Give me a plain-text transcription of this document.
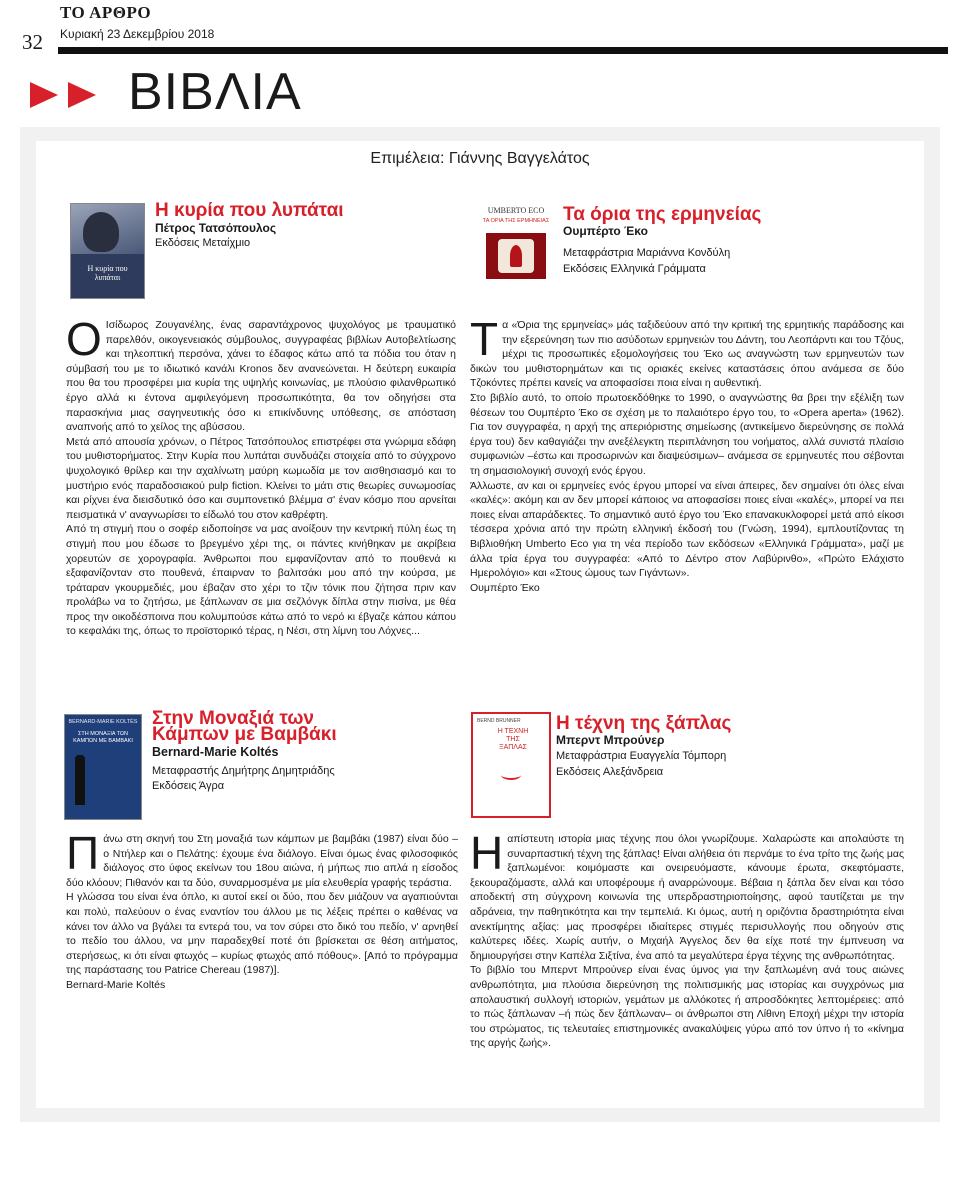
ΤΟ ΑΡΘΡΟ
32 Κυριακή 23 Δεκεμβρίου 2018
ΒΙΒΛΙΑ
Επιμέλεια: Γιάννης Βαγγελάτος
Η κυρία που λυπάται
Η κυρία που λυπάται
Πέτρος Τατσόπουλος
Εκδόσεις Μεταίχμιο
Ο Ισίδωρος Ζουγανέλης, ένας σαραντάχρονος ψυχολόγος με τραυματικό παρελθόν, οικογενειακός σύμβουλος, συγγραφέας βιβλίων Αυτοβελτίωσης και τηλεοπτική περσόνα, χάνει το έδαφος κάτω από τα πόδια του όταν η σύμβασή του με το ιδιωτικό κανάλι Kronos δεν ανανεώνεται. Η δεύτερη ευκαιρία που θα του προσφέρει μια κυρία της υψηλής κοινωνίας, με πλούσιο φιλανθρωπικό έργο αλλά κι έντονα αμφιλεγόμενη προσωπικότητα, θα τον οδηγήσει στα παρασκήνια μιας σαγηνευτικής όσο κι επικίνδυνης υπόθεσης, σε απόσταση αναπνοής από το χείλος της αβύσσου.

Μετά από απουσία χρόνων, ο Πέτρος Τατσόπουλος επιστρέφει στα γνώριμα εδάφη του μυθιστορήματος. Στην Κυρία που λυπάται συνδυάζει στοιχεία από το σύγχρονο ψυχολογικό θρίλερ και την αχαλίνωτη μαύρη κωμωδία με τον αισθησιασμό και το μυστήριο ενός παραδοσιακού pulp fiction. Κλείνει το μάτι στις θεωρίες συνωμοσίας και ρίχνει ένα διεισδυτικό όσο και συμπονετικό βλέμμα σ' έναν κόσμο που αρνείται πεισματικά ν' αναγνωρίσει το είδωλό του στον καθρέφτη.

Από τη στιγμή που ο σοφέρ ειδοποίησε να μας ανοίξουν την κεντρική πύλη έως τη στιγμή που μου έδωσε το βρεγμένο χέρι της, οι πάντες κινήθηκαν με ακρίβεια χορευτών σε χορογραφία. Άνθρωποι που εμφανίζονταν από το πουθενά κι εξαφανίζονταν στο πουθενά, έπαιρναν το βαλιτσάκι μου από την κούρσα, με τράταραν γκουρμεδιές, μου έβαζαν στο χέρι το τζιν τόνικ που ζήτησα πριν καν προλάβω να το ζητήσω, με ξάπλωναν σε μια σεζλόνγκ δίπλα στην πισίνα, με θέα προς την οικοδέσποινα που κολυμπούσε κάτω από το νερό κι έβγαζε κάπου κάπου το κεφαλάκι της, όπως το προϊστορικό τέρας, η Νέσι, στη λίμνη του Λόχνες...

UMBERTO ECO
ΤΑ ΟΡΙΑ ΤΗΣ ΕΡΜΗΝΕΙΑΣ Τα όρια της ερμηνείας
Ουμπέρτο Έκο
Μεταφράστρια Μαριάννα Κονδύλη
Εκδόσεις Ελληνικά Γράμματα
Τ α «Όρια της ερμηνείας» μάς ταξιδεύουν από την κριτική της ερμητικής παράδοσης και την εξερεύνηση των πιο ασύδοτων ερμηνειών του Δάντη, του Λεοπάρντι και του Τζόυς, μέχρι τις προσωπικές εξομολογήσεις του Έκο ως αναγνώστη των ερμηνευτών των δικών του μυθιστορημάτων και τις οριακές εκείνες καταστάσεις όπου ανάμεσα σε δύο Τζοκόντες πρέπει κανείς να αποφασίσει ποια είναι η αυθεντική.

Στο βιβλίο αυτό, το οποίο πρωτοεκδόθηκε το 1990, ο αναγνώστης θα βρει την εξέλιξη των θέσεων του Ουμπέρτο Έκο σε σχέση με το παλαιότερο έργο του, το «Opera aperta» (1962). Για τον συγγραφέα, η αρχή της απεριόριστης σημείωσης (αντικείμενο διερεύνησης σε πολλά έργα του) δεν καθαγιάζει την ανεξέλεγκτη περιπλάνηση του νοήματος, αλλά συνιστά πλαίσιο συμφωνιών –έστω και προσωρινών και διαψεύσιμων– ανάμεσα σε ερμηνευτές που σέβονται τη σημασιολογική συνοχή ενός έργου.

Άλλωστε, αν και οι ερμηνείες ενός έργου μπορεί να είναι άπειρες, δεν σημαίνει ότι όλες είναι «καλές»: ακόμη και αν δεν μπορεί κάποιος να αποφασίσει ποιες είναι «καλές», μπορεί να πει ποιες είναι απαράδεκτες. Το σημαντικό αυτό έργο του Έκο επανακυκλοφορεί μετά από είκοσι τέσσερα χρόνια από την πρώτη ελληνική έκδοσή του (Γνώση, 1994), εμπλουτίζοντας τη Βιβλιοθήκη Umberto Eco για τη νέα περίοδο των εκδόσεων «Ελληνικά Γράμματα», μαζί με άλλα τρία έργα του συγγραφέα: «Από το Δέντρο στον Λαβύρινθο», «Πρώτο Ελάχιστο Ημερολόγιο» και «Στους ώμους των Γιγάντων».

Ουμπέρτο Έκο

BERNARD-MARIE KOLTÈS
ΣΤΗ ΜΟΝΑΞΙΑ ΤΩΝ ΚΑΜΠΩΝ ΜΕ ΒΑΜΒΑΚΙ
Στην Μοναξιά των Κάμπων με Βαμβάκι
Bernard-Marie Koltés
Μεταφραστής Δημήτρης Δημητριάδης
Εκδόσεις Άγρα
Π άνω στη σκηνή του Στη μοναξιά των κάμπων με βαμβάκι (1987) είναι δύο – ο Ντήλερ και ο Πελάτης: έχουμε ένα διάλογο. Είναι όμως ένας φιλοσοφικός διάλογος στο ύφος εκείνων του 18ου αιώνα, ή μήπως πιο απλά η είσοδος δύο κλόουν; Πιθανόν και τα δύο, συναρμοσμένα με μία ελευθερία γραφής τεράστια.

Η γλώσσα του είναι ένα όπλο, κι αυτοί εκεί οι δύο, που δεν μιάζουν να αγαπιούνται και πολύ, παλεύουν ο ένας εναντίον του άλλου με τις λέξεις πρέπει ο καθένας να κάνει τον άλλο να βγάλει τα εντερά του, να τον σύρει στο δικό του πεδίο, ν' αρνηθεί το πεδίο του άλλου, να μην παραδεχθεί ποτέ ότι βρίσκεται σε θέση αιτήματος, στερήσεως, κι ότι είναι φτωχός – κυρίως φτωχός από πόθους». [Από το πρόγραμμα της παράστασης του Patrice Chereau (1987)].

Bernard-Marie Koltés

BERND BRUNNER
Η ΤΕΧΝΗ ΤΗΣ ΞΑΠΛΑΣ
Η τέχνη της ξάπλας
Μπερντ Μπρούνερ
Μεταφράστρια Ευαγγελία Τόμπορη
Εκδόσεις Αλεξάνδρεια
Η απίστευτη ιστορία μιας τέχνης που όλοι γνωρίζουμε. Χαλαρώστε και απολαύστε τη συναρπαστική τέχνη της ξάπλας! Είναι αλήθεια ότι περνάμε το ένα τρίτο της ζωής μας ξαπλωμένοι: κοιμόμαστε και ονειρευόμαστε, κάνουμε έρωτα, σκεφτόμαστε, ξεκουραζόμαστε, αλλά και υποφέρουμε ή αναρρώνουμε. Βέβαια η ξάπλα δεν είναι και τόσο αποδεκτή στη σύγχρονη κοινωνία της υπερδραστηριοποίησης, αφού ταυτίζεται με την αδράνεια, την παθητικότητα και την τεμπελιά. Κι όμως, αυτή η οριζόντια δραστηριότητα είναι ανεκτίμητης αξίας: μας προσφέρει ιδιαίτερες στιγμές περισυλλογής που οδηγούν στις καλύτερες ιδέες. Χωρίς αυτήν, ο Μιχαήλ Άγγελος δεν θα είχε ποτέ την έμπνευση να δημιουργήσει στην Καπέλα Σιξτίνα, ένα από τα μεγαλύτερα έργα τέχνης της ανθρωπότητας.

Το βιβλίο του Μπερντ Μπρούνερ είναι ένας ύμνος για την ξαπλωμένη ανά τους αιώνες ανθρωπότητα, μια πλούσια διερεύνηση της πολιτισμικής μας ιστορίας και συγχρόνως μια απολαυστική συλλογή ιστοριών, γεμάτων με αλλόκοτες ή απροσδόκητες λεπτομέρειες: από το πώς ξάπλωναν –ή πώς δεν ξάπλωναν– οι άνθρωποι στη Λίθινη Εποχή μέχρι την ιστορία του στρώματος, τις τελευταίες επιστημονικές ανακαλύψεις γύρω από τον ύπνο ή το «κίνημα της αργής ζωής».
